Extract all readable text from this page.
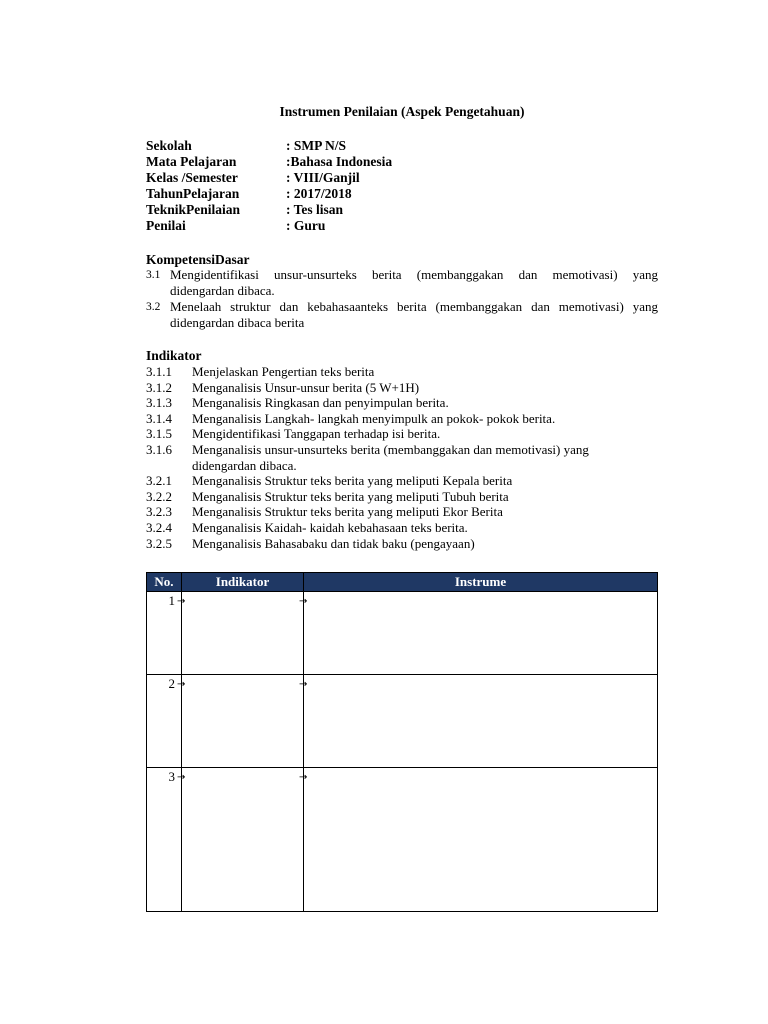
Instrumen Penilaian (Aspek Pengetahuan)
Sekolah	: SMP N/S
Mata Pelajaran	:Bahasa Indonesia
Kelas /Semester	: VIII/Ganjil
TahunPelajaran	: 2017/2018
TeknikPenilaian	: Tes lisan
Penilai	: Guru
KompetensiDasar
3.1 Mengidentifikasi unsur-unsurteks berita (membanggakan dan memotivasi) yang
didengardan dibaca.
3.2 Menelaah struktur dan kebahasaanteks berita (membanggakan dan memotivasi) yang
didengardan dibaca berita
Indikator
3.1.1	Menjelaskan Pengertian teks berita
3.1.2	Menganalisis Unsur-unsur berita (5 W+1H)
3.1.3	Menganalisis Ringkasan dan penyimpulan berita.
3.1.4	Menganalisis Langkah- langkah menyimpulk an pokok- pokok berita.
3.1.5	Mengidentifikasi Tanggapan terhadap isi berita.
3.1.6	Menganalisis unsur-unsurteks berita (membanggakan dan memotivasi) yang
didengardan dibaca.
3.2.1	Menganalisis Struktur teks berita yang meliputi Kepala berita
3.2.2	Menganalisis Struktur teks berita yang meliputi Tubuh berita
3.2.3	Menganalisis Struktur teks berita yang meliputi Ekor Berita
3.2.4	Menganalisis Kaidah- kaidah kebahasaan teks berita.
3.2.5	Menganalisis Bahasabaku dan tidak baku (pengayaan)
No.	Indikator	Instrume
1	→	→
2	→	→
3	→	→
